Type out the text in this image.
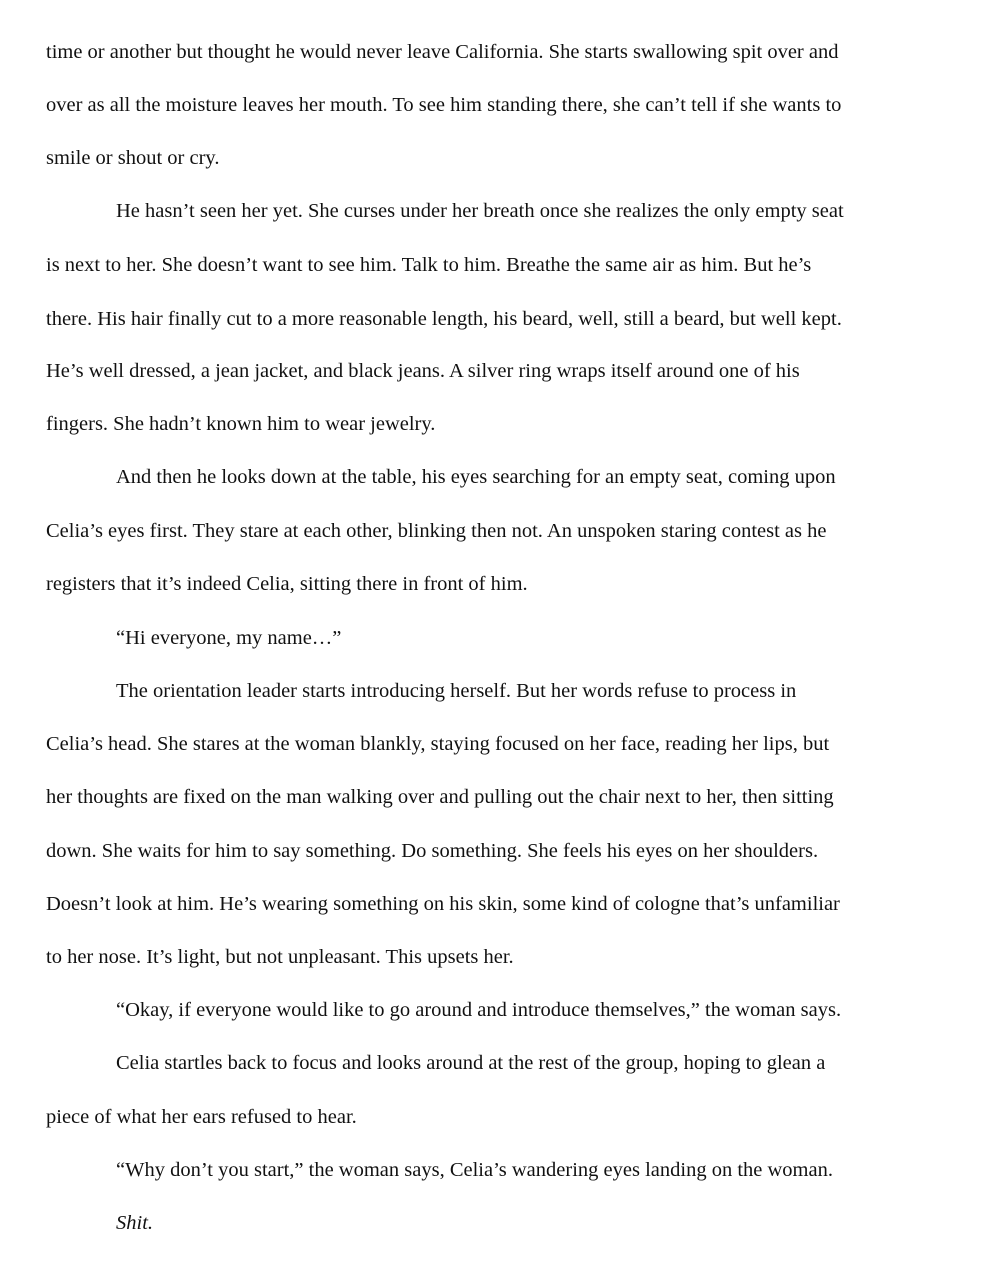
time or another but thought he would never leave California. She starts swallowing spit over and
over as all the moisture leaves her mouth. To see him standing there, she can’t tell if she wants to
smile or shout or cry.
He hasn’t seen her yet. She curses under her breath once she realizes the only empty seat
is next to her. She doesn’t want to see him. Talk to him. Breathe the same air as him. But he’s
there. His hair finally cut to a more reasonable length, his beard, well, still a beard, but well kept.
He’s well dressed, a jean jacket, and black jeans. A silver ring wraps itself around one of his
fingers. She hadn’t known him to wear jewelry.
And then he looks down at the table, his eyes searching for an empty seat, coming upon
Celia’s eyes first. They stare at each other, blinking then not. An unspoken staring contest as he
registers that it’s indeed Celia, sitting there in front of him.
“Hi everyone, my name…”
The orientation leader starts introducing herself. But her words refuse to process in
Celia’s head. She stares at the woman blankly, staying focused on her face, reading her lips, but
her thoughts are fixed on the man walking over and pulling out the chair next to her, then sitting
down. She waits for him to say something. Do something. She feels his eyes on her shoulders.
Doesn’t look at him. He’s wearing something on his skin, some kind of cologne that’s unfamiliar
to her nose. It’s light, but not unpleasant. This upsets her.
“Okay, if everyone would like to go around and introduce themselves,” the woman says.
Celia startles back to focus and looks around at the rest of the group, hoping to glean a
piece of what her ears refused to hear.
“Why don’t you start,” the woman says, Celia’s wandering eyes landing on the woman.
Shit.
